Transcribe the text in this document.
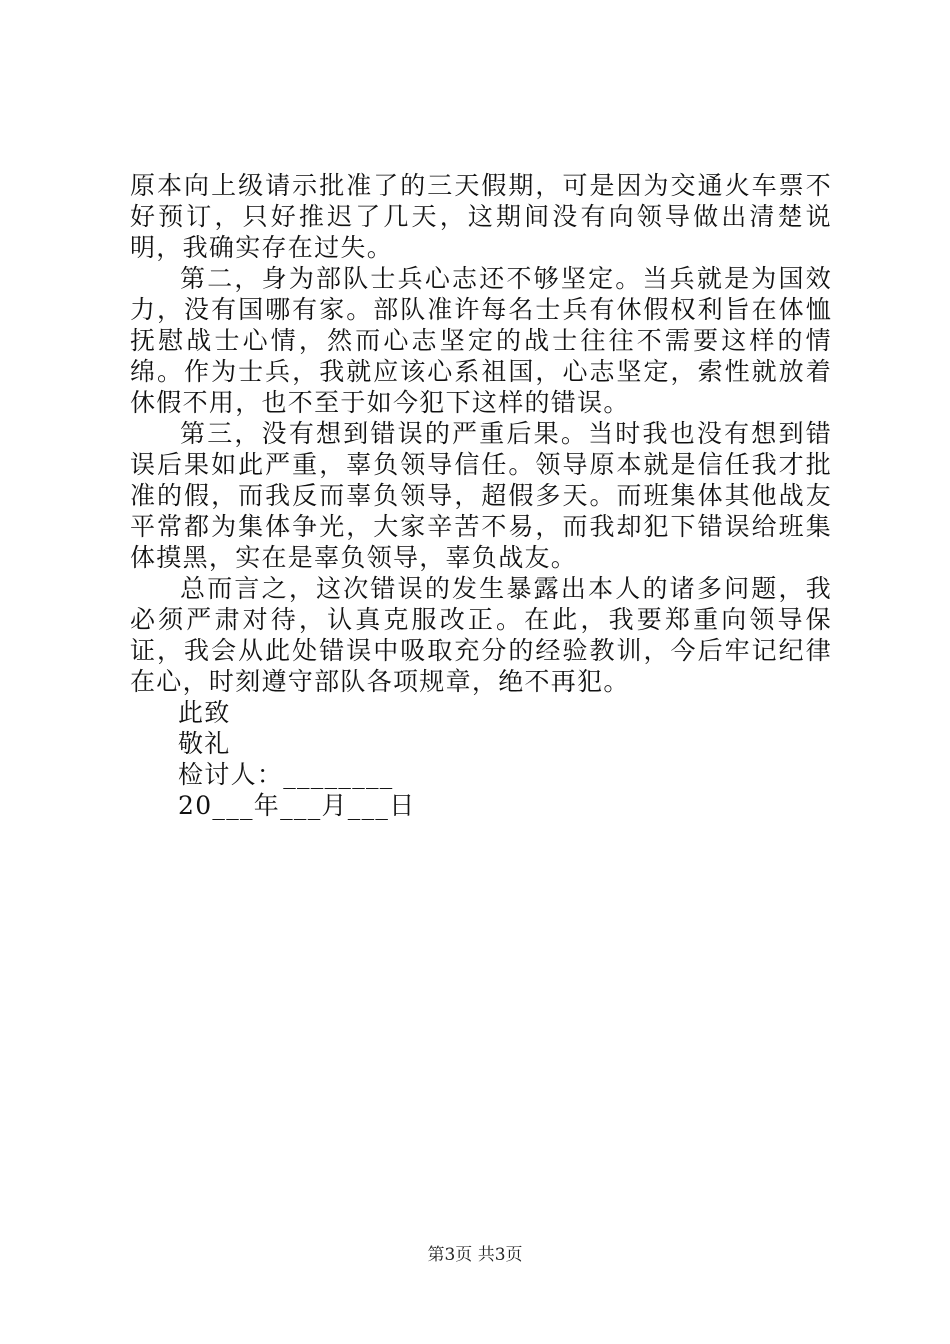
原本向上级请示批准了的三天假期，可是因为交通火车票不好预订，只好推迟了几天，这期间没有向领导做出清楚说明，我确实存在过失。

第二，身为部队士兵心志还不够坚定。当兵就是为国效力，没有国哪有家。部队准许每名士兵有休假权利旨在体恤抚慰战士心情，然而心志坚定的战士往往不需要这样的情绵。作为士兵，我就应该心系祖国，心志坚定，索性就放着休假不用，也不至于如今犯下这样的错误。

第三，没有想到错误的严重后果。当时我也没有想到错误后果如此严重，辜负领导信任。领导原本就是信任我才批准的假，而我反而辜负领导，超假多天。而班集体其他战友平常都为集体争光，大家辛苦不易，而我却犯下错误给班集体摸黑，实在是辜负领导，辜负战友。

总而言之，这次错误的发生暴露出本人的诸多问题，我必须严肃对待，认真克服改正。在此，我要郑重向领导保证，我会从此处错误中吸取充分的经验教训，今后牢记纪律在心，时刻遵守部队各项规章，绝不再犯。

此致

敬礼

检讨人：________

20___年___月___日

第3页 共3页
